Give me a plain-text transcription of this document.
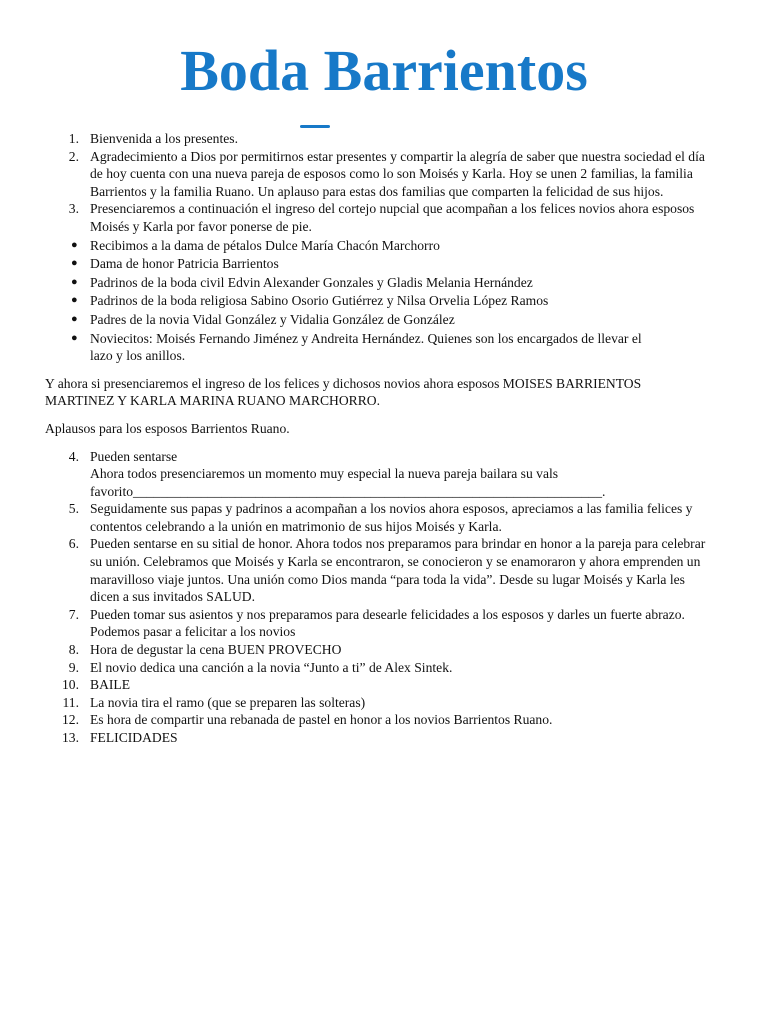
Boda Barrientos
1. Bienvenida a los presentes.
2. Agradecimiento a Dios por permitirnos estar presentes y compartir la alegría de saber que nuestra sociedad el día
de hoy cuenta con una nueva pareja de esposos como lo son Moisés y Karla. Hoy se unen 2 familias, la familia
Barrientos y la familia Ruano. Un aplauso para estas dos familias que comparten la felicidad de sus hijos.
3. Presenciaremos a continuación el ingreso del cortejo nupcial que acompañan a los felices novios ahora esposos
Moisés y Karla por favor ponerse de pie.
● Recibimos a la dama de pétalos Dulce María Chacón Marchorro
● Dama de honor Patricia Barrientos
● Padrinos de la boda civil Edvin Alexander Gonzales y Gladis Melania Hernández
● Padrinos de la boda religiosa Sabino Osorio Gutiérrez y Nilsa Orvelia López Ramos
● Padres de la novia Vidal González y Vidalia González de González
● Noviecitos: Moisés Fernando Jiménez y Andreita Hernández. Quienes son los encargados de llevar el
lazo y los anillos.

Y ahora si presenciaremos el ingreso de los felices y dichosos novios ahora esposos MOISES BARRIENTOS
MARTINEZ Y KARLA MARINA RUANO MARCHORRO.

Aplausos para los esposos Barrientos Ruano.

4. Pueden sentarse
Ahora todos presenciaremos un momento muy especial la nueva pareja bailara su vals
favorito_____________________________________________________________________.
5. Seguidamente sus papas y padrinos a acompañan a los novios ahora esposos, apreciamos a las familia felices y
contentos celebrando a la unión en matrimonio de sus hijos Moisés y Karla.
6. Pueden sentarse en su sitial de honor. Ahora todos nos preparamos para brindar en honor a la pareja para celebrar
su unión. Celebramos que Moisés y Karla se encontraron, se conocieron y se enamoraron y ahora emprenden un
maravilloso viaje juntos. Una unión como Dios manda “para toda la vida”. Desde su lugar Moisés y Karla les
dicen a sus invitados SALUD.
7. Pueden tomar sus asientos y nos preparamos para desearle felicidades a los esposos y darles un fuerte abrazo.
Podemos pasar a felicitar a los novios
8. Hora de degustar la cena BUEN PROVECHO
9. El novio dedica una canción a la novia “Junto a ti” de Alex Sintek.
10. BAILE
11. La novia tira el ramo (que se preparen las solteras)
12. Es hora de compartir una rebanada de pastel en honor a los novios Barrientos Ruano.
13. FELICIDADES
